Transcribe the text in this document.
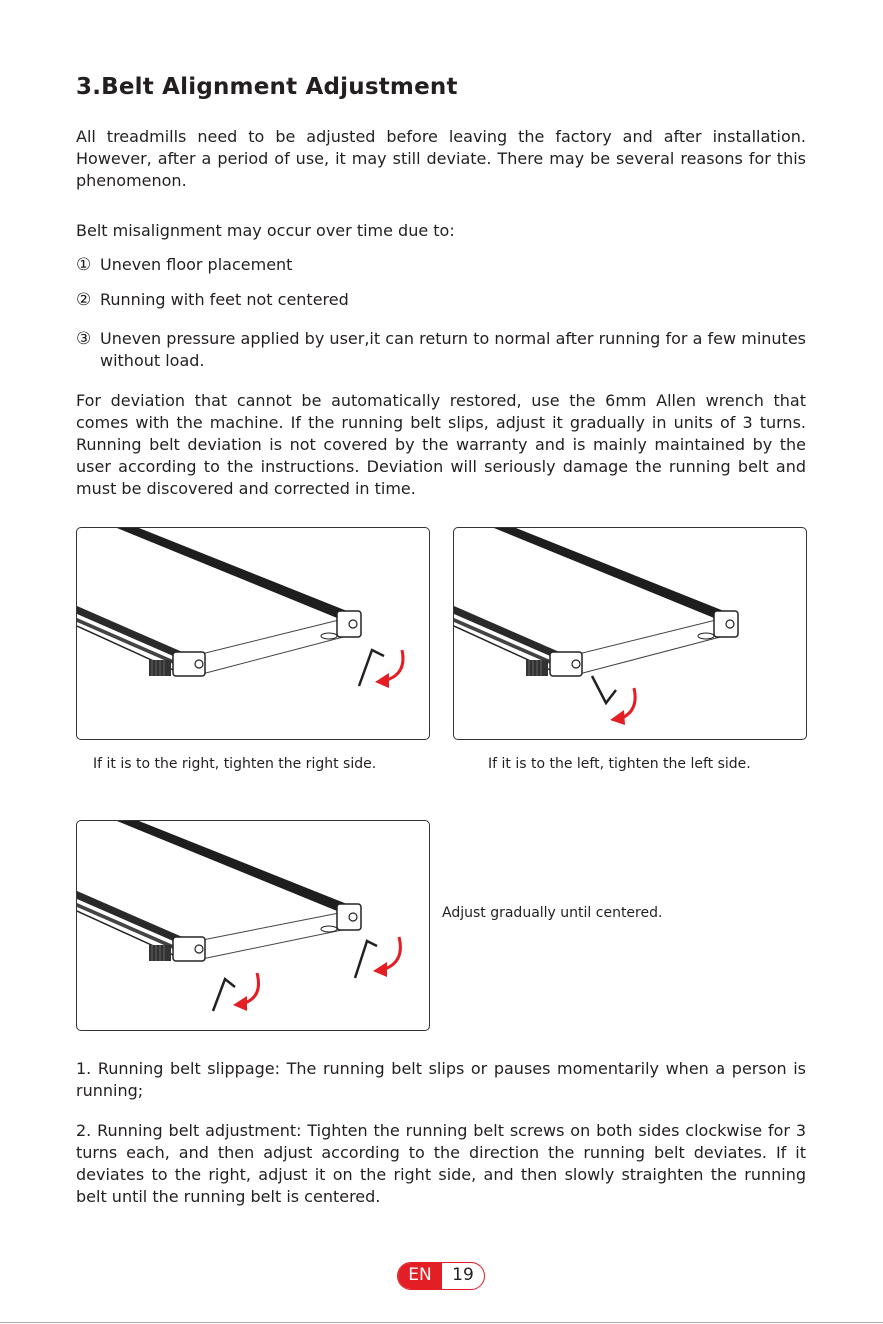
3.Belt Alignment Adjustment

All treadmills need to be adjusted before leaving the factory and after installation. However, after a period of use, it may still deviate. There may be several reasons for this phenomenon.

Belt misalignment may occur over time due to:

① Uneven floor placement
② Running with feet not centered
③ Uneven pressure applied by user,it can return to normal after running for a few minutes without load.

For deviation that cannot be automatically restored, use the 6mm Allen wrench that comes with the machine. If the running belt slips, adjust it gradually in units of 3 turns. Running belt deviation is not covered by the warranty and is mainly maintained by the user according to the instructions. Deviation will seriously damage the running belt and must be discovered and corrected in time.

If it is to the right, tighten the right side.	If it is to the left, tighten the left side.
Adjust gradually until centered.

1. Running belt slippage: The running belt slips or pauses momentarily when a person is running;

2. Running belt adjustment: Tighten the running belt screws on both sides clockwise for 3 turns each, and then adjust according to the direction the running belt deviates. If it deviates to the right, adjust it on the right side, and then slowly straighten the running belt until the running belt is centered.

EN	19
